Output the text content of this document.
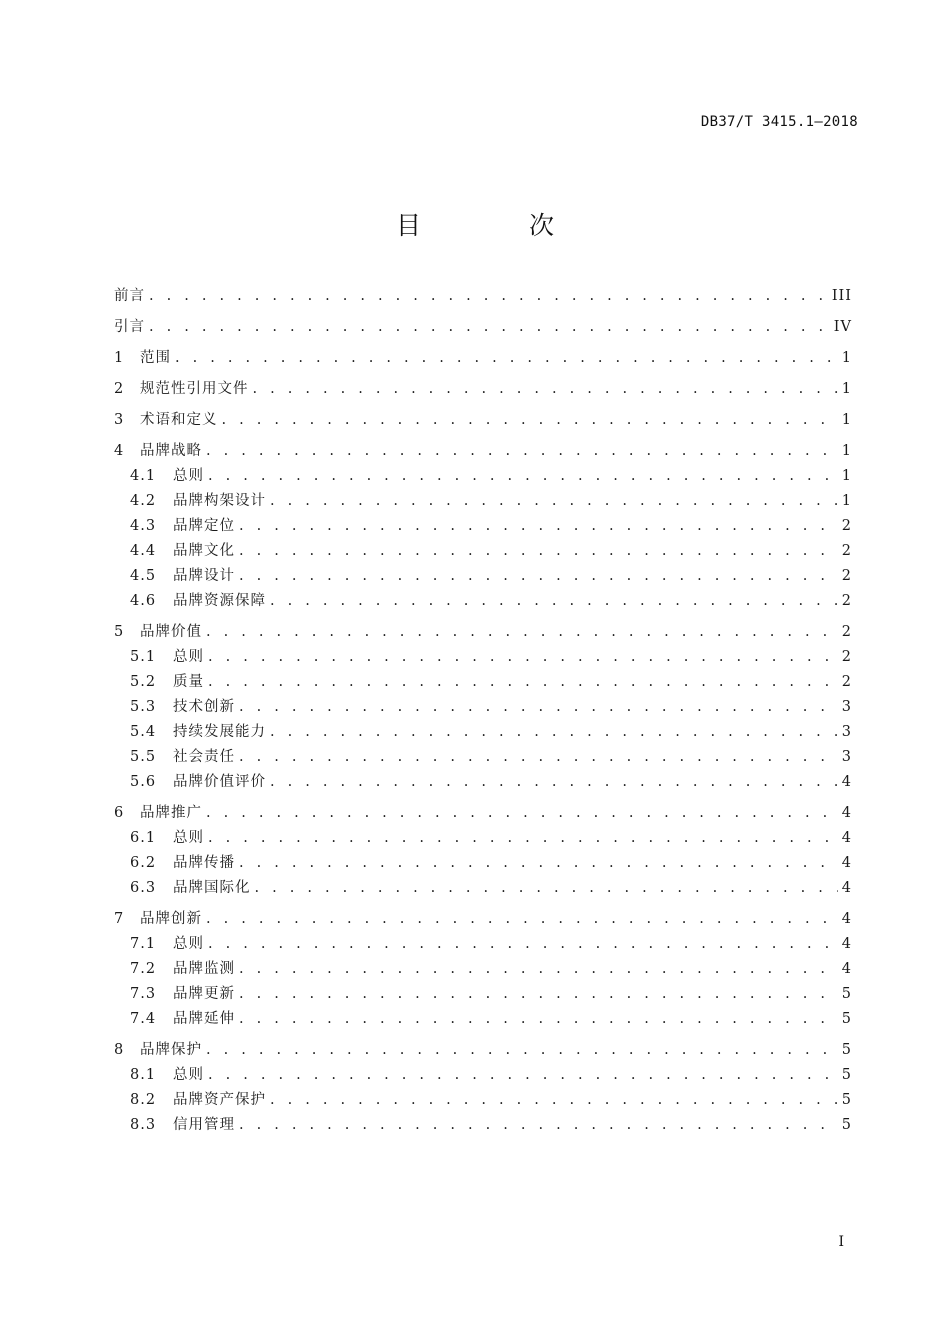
DB37/T 3415.1—2018
目 次
前言 . . .	III
引言 . . .	IV
1	范围 . . .	1
2	规范性引用文件 . . .	1
3	术语和定义 . . .	1
4	品牌战略 . . .	1
4.1	总则 . . .	1
4.2	品牌构架设计 . . .	1
4.3	品牌定位 . . .	2
4.4	品牌文化 . . .	2
4.5	品牌设计 . . .	2
4.6	品牌资源保障 . . .	2
5	品牌价值 . . .	2
5.1	总则 . . .	2
5.2	质量 . . .	2
5.3	技术创新 . . .	3
5.4	持续发展能力 . . .	3
5.5	社会责任 . . .	3
5.6	品牌价值评价 . . .	4
6	品牌推广 . . .	4
6.1	总则 . . .	4
6.2	品牌传播 . . .	4
6.3	品牌国际化 . . .	4
7	品牌创新 . . .	4
7.1	总则 . . .	4
7.2	品牌监测 . . .	4
7.3	品牌更新 . . .	5
7.4	品牌延伸 . . .	5
8	品牌保护 . . .	5
8.1	总则 . . .	5
8.2	品牌资产保护 . . .	5
8.3	信用管理 . . .	5
I
